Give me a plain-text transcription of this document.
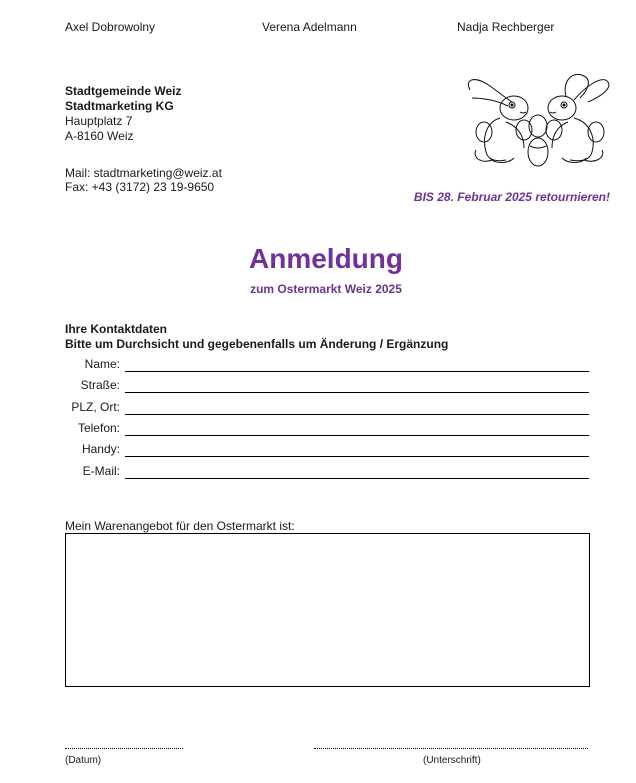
Axel Dobrowolny	Verena Adelmann	Nadja Rechberger
Stadtgemeinde Weiz
Stadtmarketing KG
Hauptplatz 7
A-8160 Weiz
Mail: stadtmarketing@weiz.at
Fax: +43 (3172) 23 19-9650
BIS 28. Februar 2025 retournieren!
Anmeldung
zum Ostermarkt Weiz 2025
Ihre Kontaktdaten
Bitte um Durchsicht und gegebenenfalls um Änderung / Ergänzung
Name:
Straße:
PLZ, Ort:
Telefon:
Handy:
E-Mail:
Mein Warenangebot für den Ostermarkt ist:
(Datum)	(Unterschrift)
